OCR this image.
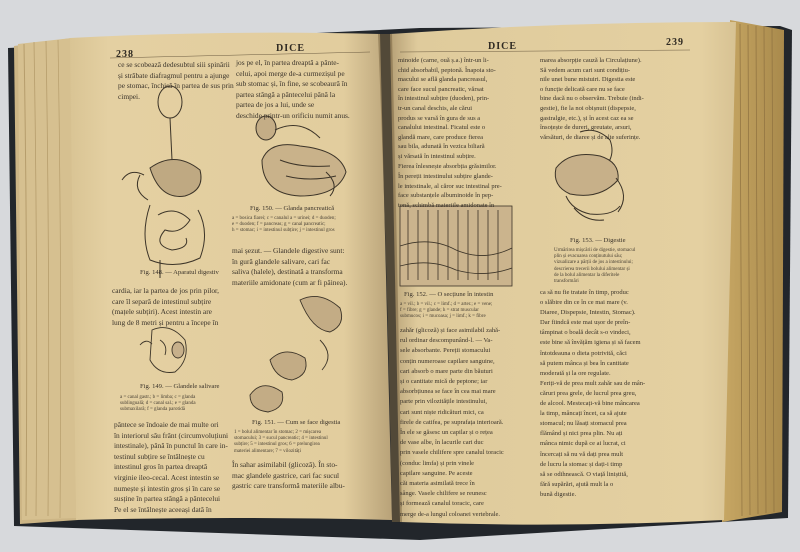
238
DICE	DICE	239
ce se scobează dedesubtul siii spinării
și străbate diafragmul pentru a ajunge
pe stomac, închisă în partea de sus prin
cimpei.
Fig. 148. — Aparatul digestiv
cardia, iar la partea de jos prin pilor,
care îl separă de intestinul subțire
(mațele subțiri). Acest intestin are
lung de 8 metri și pentru a începe în
Fig. 149. — Glandele salivare
a = canal gastr.; b = limba; c = glanda
sublinguală; d = canal sal.; e = glanda
submaxilară; f = glanda parotidă
pântece se îndoaie de mai multe ori
în interiorul său frânt (circumvoluțiuni
intestinale), până în punctul în care in-
testinul subțire se întâlnește cu
intestinul gros în partea dreaptă
virginie ileo-cecal. Acest intestin se
numește și intestin gros și în care se
susține în partea stângă a pântecelui
Pe el se întâlnește aceeași dată în
jos pe el, în partea dreaptă a pânte-
celui, apoi merge de-a curmezișul pe
sub stomac și, în fine, se scobeaură în
partea stângă a pântecelui până la
partea de jos a lui, unde se
deschide printr-un orificiu numit anus.
Fig. 150. — Glanda pancreatică
a = bosica fiarei; c = canalul a = urinei; d = duoden;
e = duoden; f = pancreas; g = canal pancreatic;
h = stomac; i = intestinul subțire; j = intestinul gros
mai șezut. — Glandele digestive sunt:
în gură glandele salivare, cari fac
saliva (halele), destinată a transforma
materiile amidonate (cum ar fi pâinea).
Fig. 151. — Cum se face digestia
1 = bolul alimentar în stomac; 2 = mișcarea
stomacului; 3 = sucul pancreatic; 4 = intestinul
subțire; 5 = intestinul gros; 6 = prelungirea
materiei alimentare; 7 = vilozități
În sahar asimilabil (glicoză). În sto-
mac glandele gastrice, cari fac sucul
gastric care transformă materiile albu-
minoide (carne, ouă ș.a.) într-un li-
chid absorbabil, peptonă. Înapoia sto-
macului se află glanda pancreasul,
care face sucul pancreatic, vărsat
în intestinul subțire (duoden), prin-
tr-un canal deschis, ale cărui
produs se varsă în gura de sus a
canalului intestinal. Ficatul este o
glandă mare, care produce fierea
sau bila, adunată în vezica biliară
și vărsată în intestinul subțire.
Fierea înlesnește absorbția grăsimilor.
În pereții intestinului subțire glande-
le intestinale, al căror suc intestinal pre-
face substanțele albuminoide în pep-
tonă, schimbă materiile amidonate în
Fig. 152. — O secțiune în intestin
a = vil.; b = vil.; c = limf.; d = arter.; e = vene;
f = fibre; g = glande; h = strat muscular
submucos; i = mucoasa; j = limf.; k = fibre
zahăr (glicoză) și face asimilabil zahă-
rul ordinar descompunând-l. — Va-
sele absorbante. Pereții stomacului
conțin numeroase capilare sanguine,
cari absorb o mare parte din băuturi
și o cantitate mică de peptone; iar
absorbțiunea se face în cea mai mare
parte prin vilozitățile intestinului,
cari sunt niște ridicături mici, ca
firele de catifea, pe suprafața interioară.
În ele se găsesc un capilar și o rețea
de vase albe, în lacurile cari duc
prin vasele chilifere spre canalul toracic
(conduc limfa) și prin vinele
capilare sanguine. Pe aceste
căi materia asimilată trece în
sânge. Vasele chilifere se reunesc
și formează canalul toracic, care
merge de-a lungul coloanei vertebrale.
marea absorpție cauză la Circulațiune).
Să vedem acum cari sunt condițiu-
nile unei bune mistuiri. Digestia este
o funcție delicată care nu se face
bine dacă nu o observăm. Trebuie (indi-
gestie), fie la noi obișnuit (dispepsie,
gastralgie, etc.), și în acest caz ea se
însoțește de dureri, greutate, arsuri,
vărsături, de diaree și de alte suferințe.
Fig. 153. — Digestie
Urmărirea mișcării de digestie, stomacul
plin și evacuarea conținutului său;
vizualizare a părții de jos a intestinului;
descrierea trecerii bolului alimentar și
de la bolul alimentar la diferitele
transformări
ca să nu fie tratate în timp, produc
o slăbire din ce în ce mai mare (v.
Diaree, Dispepsie, Intestin, Stomac).
Dar fiindcă este mai ușor de preîn-
tâmpinat o boală decât s-o vindeci,
este bine să învățăm igiena și să facem
întotdeauna o dieta potrivită, căci
să putem mânca și bea în cantitate
moderată și la ore regulate.
Feriți-vă de prea mult zahăr sau de mân-
căruri prea grele, de lucrul prea greu,
de alcool. Mestecați-vă bine mâncarea
la timp, mâncați încet, ca să ajute
stomacul; nu lăsați stomacul prea
flămând și nici prea plin. Nu ați
mânca nimic după ce ai lucrat, ci
încercați să nu vă dați prea mult
de lucru la stomac și dați-i timp
să se odihnească. O viață liniștită,
fără supărări, ajută mult la o
bună digestie.
